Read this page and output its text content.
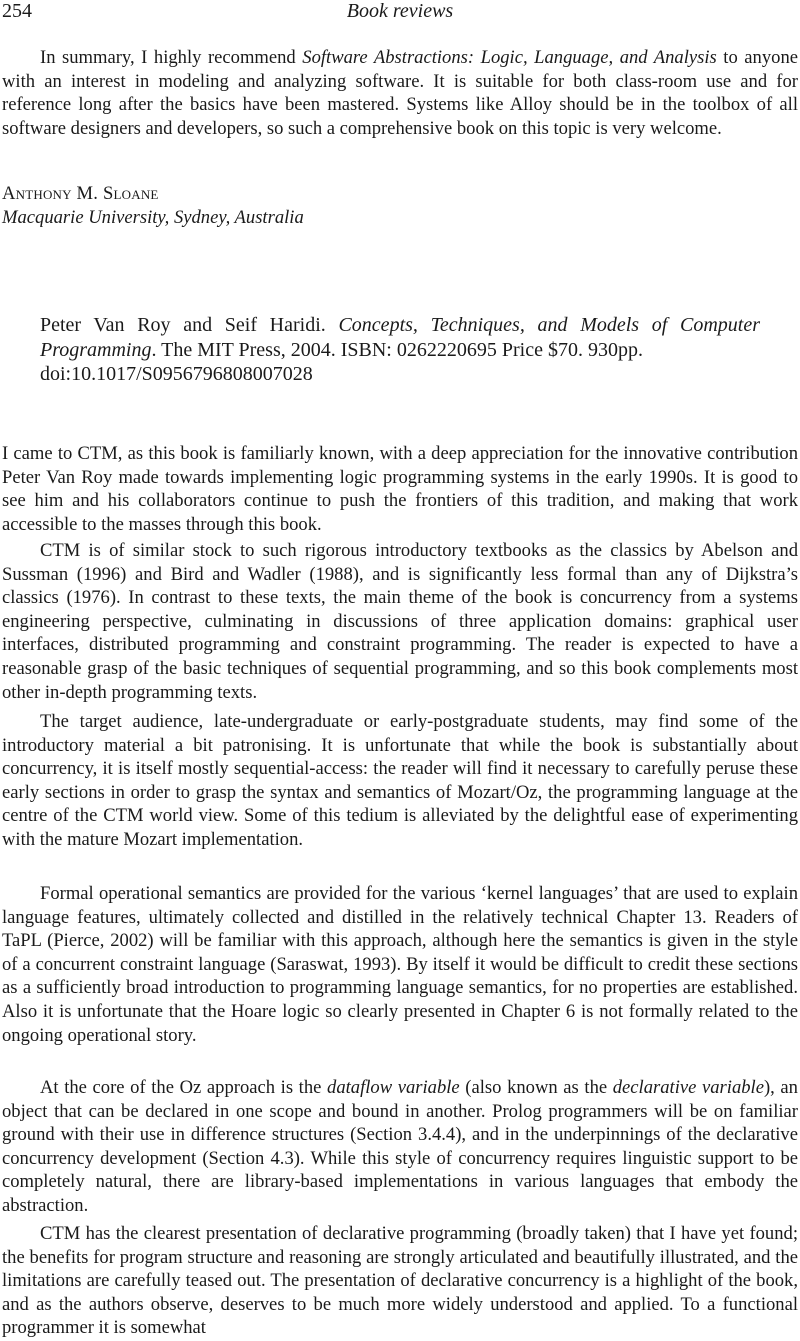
254	Book reviews

In summary, I highly recommend Software Abstractions: Logic, Language, and Analysis to anyone with an interest in modeling and analyzing software. It is suitable for both class-room use and for reference long after the basics have been mastered. Systems like Alloy should be in the toolbox of all software designers and developers, so such a comprehensive book on this topic is very welcome.

Anthony M. Sloane
Macquarie University, Sydney, Australia
Peter Van Roy and Seif Haridi. Concepts, Techniques, and Models of Computer Programming. The MIT Press, 2004. ISBN: 0262220695 Price $70. 930pp.
doi:10.1017/S0956796808007028

I came to CTM, as this book is familiarly known, with a deep appreciation for the innovative contribution Peter Van Roy made towards implementing logic programming systems in the early 1990s. It is good to see him and his collaborators continue to push the frontiers of this tradition, and making that work accessible to the masses through this book.

CTM is of similar stock to such rigorous introductory textbooks as the classics by Abelson and Sussman (1996) and Bird and Wadler (1988), and is significantly less formal than any of Dijkstra’s classics (1976). In contrast to these texts, the main theme of the book is concurrency from a systems engineering perspective, culminating in discussions of three application domains: graphical user interfaces, distributed programming and constraint programming. The reader is expected to have a reasonable grasp of the basic techniques of sequential programming, and so this book complements most other in-depth programming texts.

The target audience, late-undergraduate or early-postgraduate students, may find some of the introductory material a bit patronising. It is unfortunate that while the book is substantially about concurrency, it is itself mostly sequential-access: the reader will find it necessary to carefully peruse these early sections in order to grasp the syntax and semantics of Mozart/Oz, the programming language at the centre of the CTM world view. Some of this tedium is alleviated by the delightful ease of experimenting with the mature Mozart implementation.

Formal operational semantics are provided for the various ‘kernel languages’ that are used to explain language features, ultimately collected and distilled in the relatively technical Chapter 13. Readers of TaPL (Pierce, 2002) will be familiar with this approach, although here the semantics is given in the style of a concurrent constraint language (Saraswat, 1993). By itself it would be difficult to credit these sections as a sufficiently broad introduction to programming language semantics, for no properties are established. Also it is unfortunate that the Hoare logic so clearly presented in Chapter 6 is not formally related to the ongoing operational story.

At the core of the Oz approach is the dataflow variable (also known as the declarative variable), an object that can be declared in one scope and bound in another. Prolog programmers will be on familiar ground with their use in difference structures (Section 3.4.4), and in the underpinnings of the declarative concurrency development (Section 4.3). While this style of concurrency requires linguistic support to be completely natural, there are library-based implementations in various languages that embody the abstraction.

CTM has the clearest presentation of declarative programming (broadly taken) that I have yet found; the benefits for program structure and reasoning are strongly articulated and beautifully illustrated, and the limitations are carefully teased out. The presentation of declarative concurrency is a highlight of the book, and as the authors observe, deserves to be much more widely understood and applied. To a functional programmer it is somewhat
